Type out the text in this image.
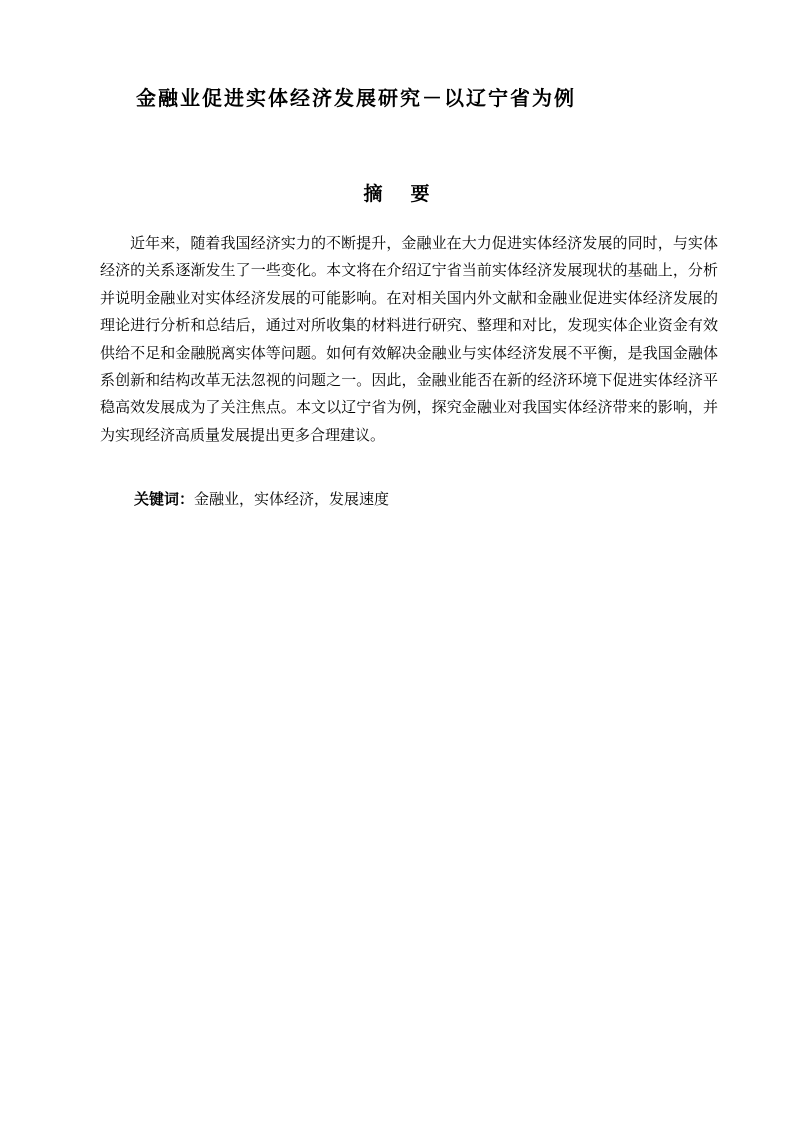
金融业促进实体经济发展研究－以辽宁省为例
摘 要

近年来，随着我国经济实力的不断提升，金融业在大力促进实体经济发展的同时，与实体经济的关系逐渐发生了一些变化。本文将在介绍辽宁省当前实体经济发展现状的基础上，分析并说明金融业对实体经济发展的可能影响。在对相关国内外文献和金融业促进实体经济发展的理论进行分析和总结后，通过对所收集的材料进行研究、整理和对比，发现实体企业资金有效供给不足和金融脱离实体等问题。如何有效解决金融业与实体经济发展不平衡，是我国金融体系创新和结构改革无法忽视的问题之一。因此，金融业能否在新的经济环境下促进实体经济平稳高效发展成为了关注焦点。本文以辽宁省为例，探究金融业对我国实体经济带来的影响，并为实现经济高质量发展提出更多合理建议。

关键词：金融业，实体经济，发展速度
